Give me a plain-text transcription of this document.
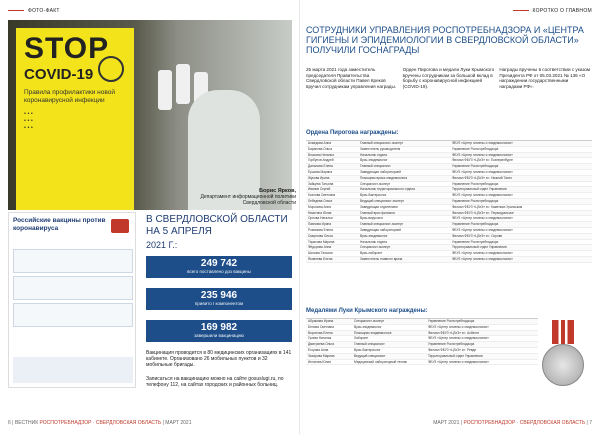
ФОТО-ФАКТ
STOP
COVID-19
Правила профилактики новой коронавирусной инфекции
• • •
• • •
• • •
Борис Ярков,
Департамент информационной политики Свердловской области
Российские вакцины против коронавируса
В СВЕРДЛОВСКОЙ ОБЛАСТИ НА 5 АПРЕЛЯ
2021 Г.:
249 742
всего поставлено доз вакцины
235 946
привито I компонентом
169 982
завершили вакцинацию
Вакцинация проводится в 80 медицинских организациях в 141 кабинете. Организовано 26 мобильных пунктов и 32 мобильные бригады.
Записаться на вакцинацию можно на сайте gosuslugi.ru, по телефону 112, на сайтах городских и районных больниц.
6 | ВЕСТНИК РОСПОТРЕБНАДЗОР · СВЕРДЛОВСКАЯ ОБЛАСТЬ | МАРТ 2021
КОРОТКО О ГЛАВНОМ
СОТРУДНИКИ УПРАВЛЕНИЯ РОСПОТРЕБНАДЗОРА И «ЦЕНТРА ГИГИЕНЫ И ЭПИДЕМИОЛОГИИ В СВЕРДЛОВСКОЙ ОБЛАСТИ» ПОЛУЧИЛИ ГОСНАГРАДЫ

25 марта 2021 года заместитель председателя Правительства Свердловской области Павел Креков вручил сотрудникам управления награды.

Орден Пирогова и медали Луки Крымского вручены сотрудникам за большой вклад в борьбу с коронавирусной инфекцией (COVID-19).

Награды вручены в соответствии с указом Президента РФ от 05.03.2021 № 136 «О награждении государственными наградами РФ».

Ордена Пирогова награждены:
Ахмедова Анна	Главный специалист-эксперт	ФБУЗ «Центр гигиены и эпидемиологии»
Баранова Ольга	Заместитель руководителя	Управление Роспотребнадзора
Власова Наталья	Начальник отдела	ФБУЗ «Центр гигиены и эпидемиологии»
Горбунов Андрей	Врач-эпидемиолог	Филиал ФБУЗ «ЦГиЭ» в г. Екатеринбурге
Данилова Елена	Главный специалист	Управление Роспотребнадзора
Ершова Марина	Заведующая лабораторией	ФБУЗ «Центр гигиены и эпидемиологии»
Жукова Ирина	Помощник врача-эпидемиолога	Филиал ФБУЗ «ЦГиЭ» в г. Нижний Тагил
Зайцева Татьяна	Специалист-эксперт	Управление Роспотребнадзора
Иванов Сергей	Начальник территориального отдела	Территориальный отдел Управления
Козлова Светлана	Врач-бактериолог	ФБУЗ «Центр гигиены и эпидемиологии»
Лебедева Ольга	Ведущий специалист-эксперт	Управление Роспотребнадзора
Морозова Анна	Заведующая отделением	Филиал ФБУЗ «ЦГиЭ» в г. Каменске-Уральском
Никитина Юлия	Главный врач филиала	Филиал ФБУЗ «ЦГиЭ» в г. Первоуральске
Орлова Наталья	Врач-вирусолог	ФБУЗ «Центр гигиены и эпидемиологии»
Павлова Ирина	Главный специалист-эксперт	Управление Роспотребнадзора
Романова Елена	Заведующая лабораторией	ФБУЗ «Центр гигиены и эпидемиологии»
Смирнова Ольга	Врач-эпидемиолог	Филиал ФБУЗ «ЦГиЭ» в г. Серове
Тарасова Марина	Начальник отдела	Управление Роспотребнадзора
Фёдорова Анна	Специалист-эксперт	Территориальный отдел Управления
Шилова Татьяна	Врач-лаборант	ФБУЗ «Центр гигиены и эпидемиологии»
Яковлева Елена	Заместитель главного врача	ФБУЗ «Центр гигиены и эпидемиологии»
Медалями Луки Крымского награждены:
Абрамова Ирина	Специалист-эксперт	Управление Роспотребнадзора
Белова Светлана	Врач-эпидемиолог	ФБУЗ «Центр гигиены и эпидемиологии»
Воронова Елена	Помощник эпидемиолога	Филиал ФБУЗ «ЦГиЭ» в г. Асбесте
Гусева Наталья	Лаборант	ФБУЗ «Центр гигиены и эпидемиологии»
Дмитриева Ольга	Главный специалист	Управление Роспотребнадзора
Егорова Анна	Врач-бактериолог	Филиал ФБУЗ «ЦГиЭ» в г. Ревде
Захарова Марина	Ведущий специалист	Территориальный отдел Управления
Игнатова Юлия	Медицинский лабораторный техник	ФБУЗ «Центр гигиены и эпидемиологии»
МАРТ 2021 | РОСПОТРЕБНАДЗОР · СВЕРДЛОВСКАЯ ОБЛАСТЬ | 7
